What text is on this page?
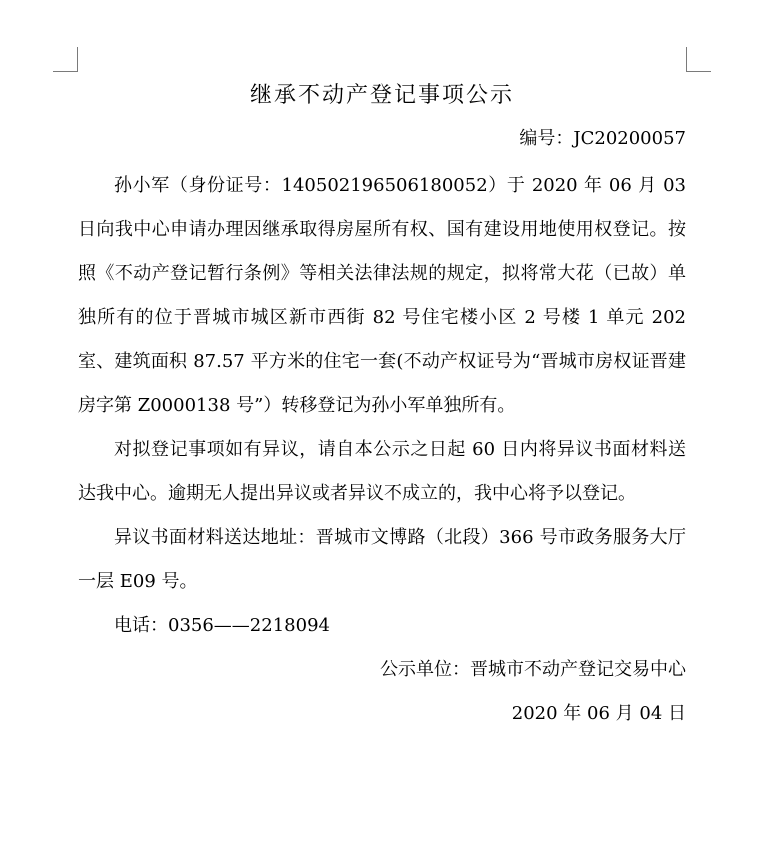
继承不动产登记事项公示

编号：JC20200057

孙小军（身份证号：140502196506180052）于 2020 年 06 月 03 日向我中心申请办理因继承取得房屋所有权、国有建设用地使用权登记。按照《不动产登记暂行条例》等相关法律法规的规定，拟将常大花（已故）单独所有的位于晋城市城区新市西街 82 号住宅楼小区 2 号楼 1 单元 202 室、建筑面积 87.57 平方米的住宅一套(不动产权证号为“晋城市房权证晋建房字第 Z0000138 号”）转移登记为孙小军单独所有。

对拟登记事项如有异议，请自本公示之日起 60 日内将异议书面材料送达我中心。逾期无人提出异议或者异议不成立的，我中心将予以登记。

异议书面材料送达地址：晋城市文博路（北段）366 号市政务服务大厅一层 E09 号。

电话：0356——2218094

公示单位：晋城市不动产登记交易中心

2020 年 06 月 04 日
